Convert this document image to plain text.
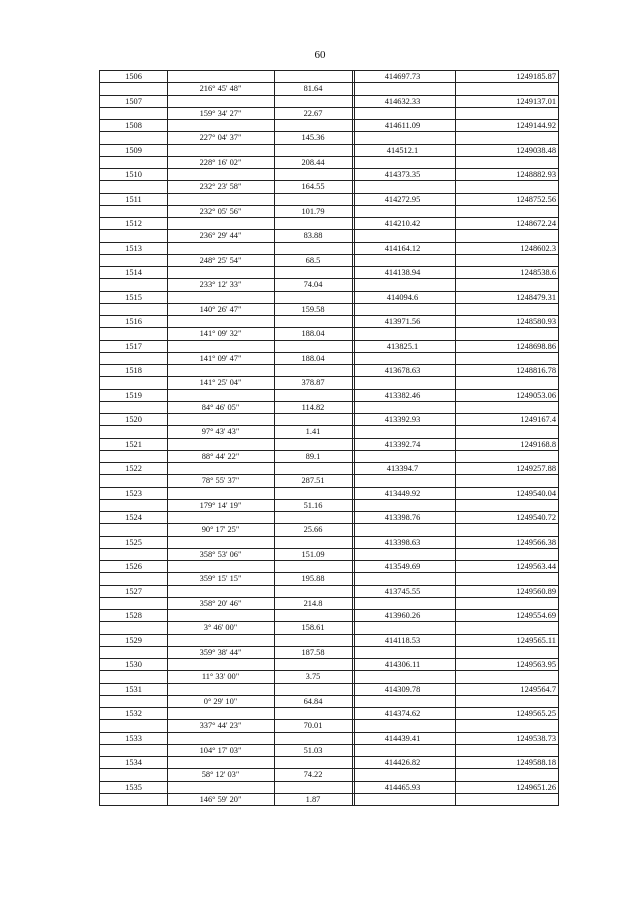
60
1506	414697.73	1249185.87
216° 45' 48"	81.64
1507	414632.33	1249137.01
159° 34' 27"	22.67
1508	414611.09	1249144.92
227° 04' 37"	145.36
1509	414512.1	1249038.48
228° 16' 02"	208.44
1510	414373.35	1248882.93
232° 23' 58"	164.55
1511	414272.95	1248752.56
232° 05' 56"	101.79
1512	414210.42	1248672.24
236° 29' 44"	83.88
1513	414164.12	1248602.3
248° 25' 54"	68.5
1514	414138.94	1248538.6
233° 12' 33"	74.04
1515	414094.6	1248479.31
140° 26' 47"	159.58
1516	413971.56	1248580.93
141° 09' 32"	188.04
1517	413825.1	1248698.86
141° 09' 47"	188.04
1518	413678.63	1248816.78
141° 25' 04"	378.87
1519	413382.46	1249053.06
84° 46' 05"	114.82
1520	413392.93	1249167.4
97° 43' 43"	1.41
1521	413392.74	1249168.8
88° 44' 22"	89.1
1522	413394.7	1249257.88
78° 55' 37"	287.51
1523	413449.92	1249540.04
179° 14' 19"	51.16
1524	413398.76	1249540.72
90° 17' 25"	25.66
1525	413398.63	1249566.38
358° 53' 06"	151.09
1526	413549.69	1249563.44
359° 15' 15"	195.88
1527	413745.55	1249560.89
358° 20' 46"	214.8
1528	413960.26	1249554.69
3° 46' 00"	158.61
1529	414118.53	1249565.11
359° 38' 44"	187.58
1530	414306.11	1249563.95
11° 33' 00"	3.75
1531	414309.78	1249564.7
0° 29' 10"	64.84
1532	414374.62	1249565.25
337° 44' 23"	70.01
1533	414439.41	1249538.73
104° 17' 03"	51.03
1534	414426.82	1249588.18
58° 12' 03"	74.22
1535	414465.93	1249651.26
146° 59' 20"	1.87
